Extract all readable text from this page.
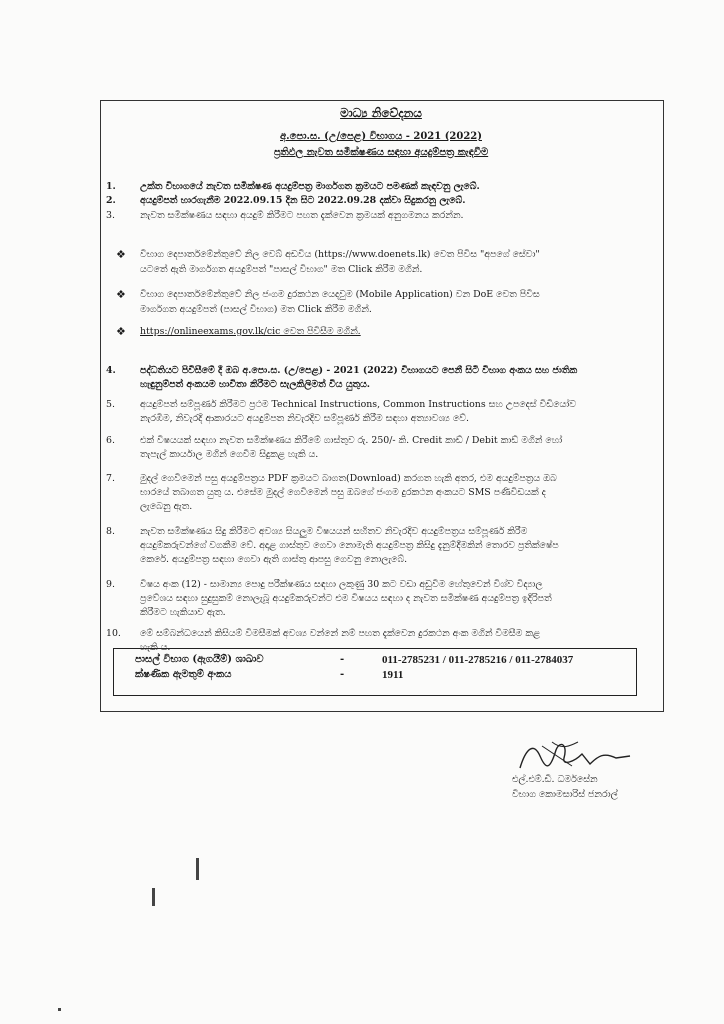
මාධ්‍ය නිවේදනය
අ.පො.ස. (උ/පෙළ) විභාගය - 2021 (2022)
ප්‍රතිඵල නැවත සමීක්ෂණය සඳහා අයදුම්පත්‍ර කැඳවීම
1.	උක්ත විභාගයේ නැවත සමීක්ෂණ අයදුම්පත්‍ර මාර්ගගත ක්‍රමයට පමණක් කැඳවනු ලැබේ.
2.	අයදුම්පත් භාරගැනීම 2022.09.15 දින සිට 2022.09.28 දක්වා සිදුකරනු ලැබේ.
3.	නැවත සමීක්ෂණය සඳහා අයදුම් කිරීමට පහත දැක්වෙන ක්‍රමයක් අනුගමනය කරන්න.
❖	විභාග දෙපාර්තමේන්තුවේ නිල වෙබ් අඩවිය (https://www.doenets.lk) වෙත පිවිස "අපගේ සේවා"
යටතේ ඇති මාර්ගගත අයදුම්පත් "පාසල් විභාග" මත Click කිරීම මගින්.
❖	විභාග දෙපාර්තමේන්තුවේ නිල ජංගම දුරකථන යෙදවුම (Mobile Application) වන DoE වෙත පිවිස
මාර්ගගත අයදුම්පත් (පාසල් විභාග) මත Click කිරීම මගින්.
❖	https://onlineexams.gov.lk/cic වෙත පිවිසීම මගින්.
4.	පද්ධතියට පිවිසීමේ දී ඔබ අ.පො.ස. (උ/පෙළ) - 2021 (2022) විභාගයට පෙනී සිටි විභාග අංකය සහ ජාතික
හැඳුනුම්පත් අංකයම භාවිතා කිරීමට සැලකිලිමත් විය යුතුය.
5.	අයදුම්පත් සම්පූර්ණ කිරීමට ප්‍රථම Technical Instructions, Common Instructions සහ උපදෙස් වීඩියෝව
නැරඹීම, නිවැරදි ආකාරයට අයදුම්පත නිවැරදිව සම්පූර්ණ කිරීම සඳහා අත්‍යාවශ්‍ය වේ.
6.	එක් විෂයයක් සඳහා නැවත සමීක්ෂණය කිරීමේ ගාස්තුව රු. 250/- කි. Credit කාඩ් / Debit කාඩ් මගින් හෝ
තැපැල් කාර්යාල මගින් ගෙවීම සිදුකළ හැකි ය.
7.	මුදල් ගෙවීමෙන් පසු අයදුම්පත්‍රය PDF ක්‍රමයට බාගත(Download) කරගත හැකි අතර, එම අයදුම්පත්‍රය ඔබ
භාරයේ තබාගත යුතු ය. එසේම මුදල් ගෙවීමෙන් පසු ඔබගේ ජංගම දුරකථන අංකයට SMS පණිවිඩයක් ද
ලැබෙනු ඇත.
8.	නැවත සමීක්ෂණය සිදු කිරීමට අවශ්‍ය සියලුම විෂයයන් සහිතව නිවැරදිව අයදුම්පත්‍රය සම්පූර්ණ කිරීම
අයදුම්කරුවන්ගේ වගකීම වේ. අදාළ ගාස්තුව ගෙවා නොමැති අයදුම්පත්‍ර කිසිදු දැනුම්දීමකින් තොරව ප්‍රතික්ෂේප
කෙරේ. අයදුම්පත්‍ර සඳහා ගෙවා ඇති ගාස්තු ආපසු ගෙවනු නොලැබේ.
9.	විෂය අංක (12) - සාමාන්‍ය පොදු පරීක්ෂණය සඳහා ලකුණු 30 කට වඩා අඩුවීම හේතුවෙන් විශ්ව විද්‍යාල
ප්‍රවේශය සඳහා සුදුසුකම් නොලැබූ අයදුම්කරුවන්ට එම විෂයය සඳහා ද නැවත සමීක්ෂණ අයදුම්පත්‍ර ඉදිරිපත්
කිරීමට හැකියාව ඇත.
10.	මේ සම්බන්ධයෙන් කිසියම් විමසීමක් අවශ්‍ය වන්නේ නම් පහත දැක්වෙන දුරකථන අංක මගින් විමසීම කළ
හැකි ය.
පාසල් විභාග (ඇගයීම්) ශාඛාව	-	011-2785231 / 011-2785216 / 011-2784037
ක්ෂණික ඇමතුම් අංකය	-	1911
එල්.එම්.ඩී. ධර්මසේන
විභාග කොමසාරිස් ජනරාල්
